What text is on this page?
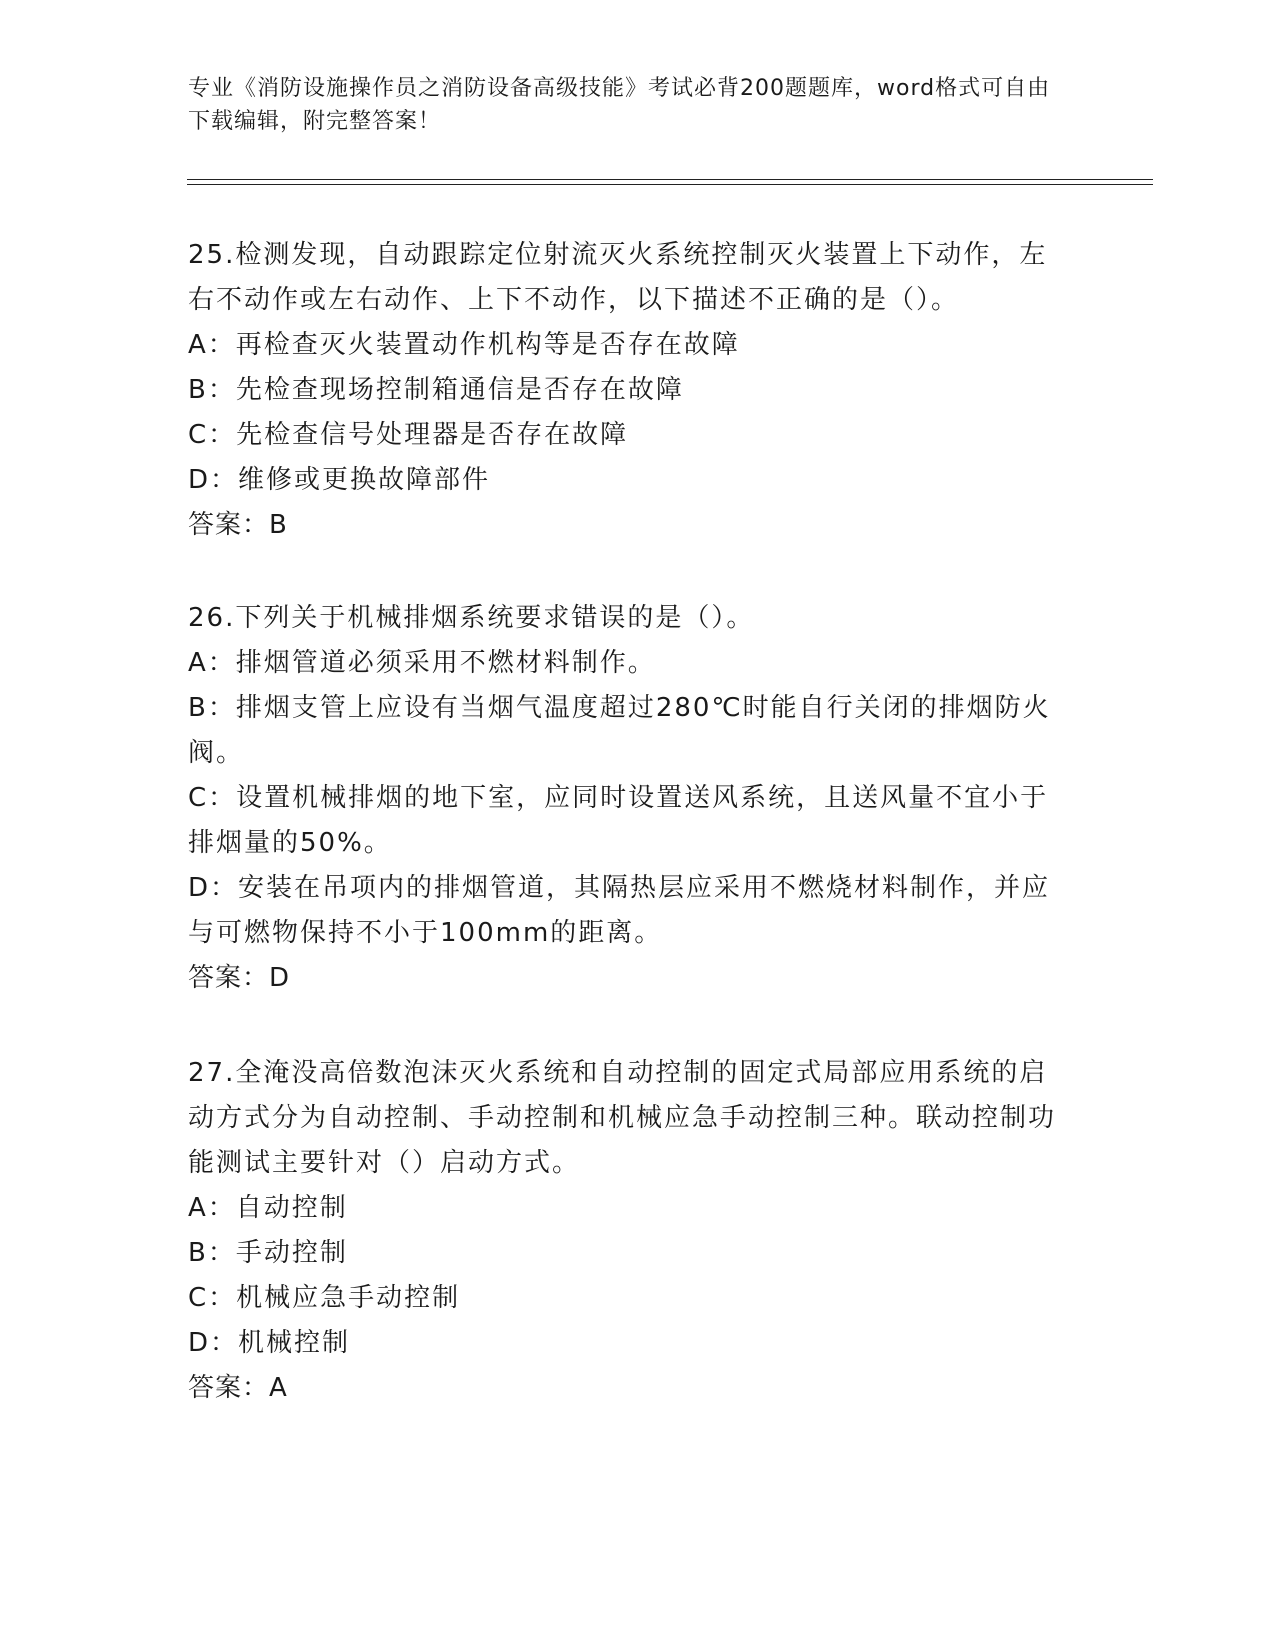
专业《消防设施操作员之消防设备高级技能》考试必背200题题库，word格式可自由下载编辑，附完整答案！

25.检测发现，自动跟踪定位射流灭火系统控制灭火装置上下动作，左右不动作或左右动作、上下不动作，以下描述不正确的是（）。

A：再检查灭火装置动作机构等是否存在故障

B：先检查现场控制箱通信是否存在故障

C：先检查信号处理器是否存在故障

D：维修或更换故障部件

答案：B

26.下列关于机械排烟系统要求错误的是（）。

A：排烟管道必须采用不燃材料制作。

B：排烟支管上应设有当烟气温度超过280℃时能自行关闭的排烟防火阀。

C：设置机械排烟的地下室，应同时设置送风系统，且送风量不宜小于排烟量的50%。

D：安装在吊项内的排烟管道，其隔热层应采用不燃烧材料制作，并应与可燃物保持不小于100mm的距离。

答案：D

27.全淹没高倍数泡沫灭火系统和自动控制的固定式局部应用系统的启动方式分为自动控制、手动控制和机械应急手动控制三种。联动控制功能测试主要针对（）启动方式。

A：自动控制

B：手动控制

C：机械应急手动控制

D：机械控制

答案：A
